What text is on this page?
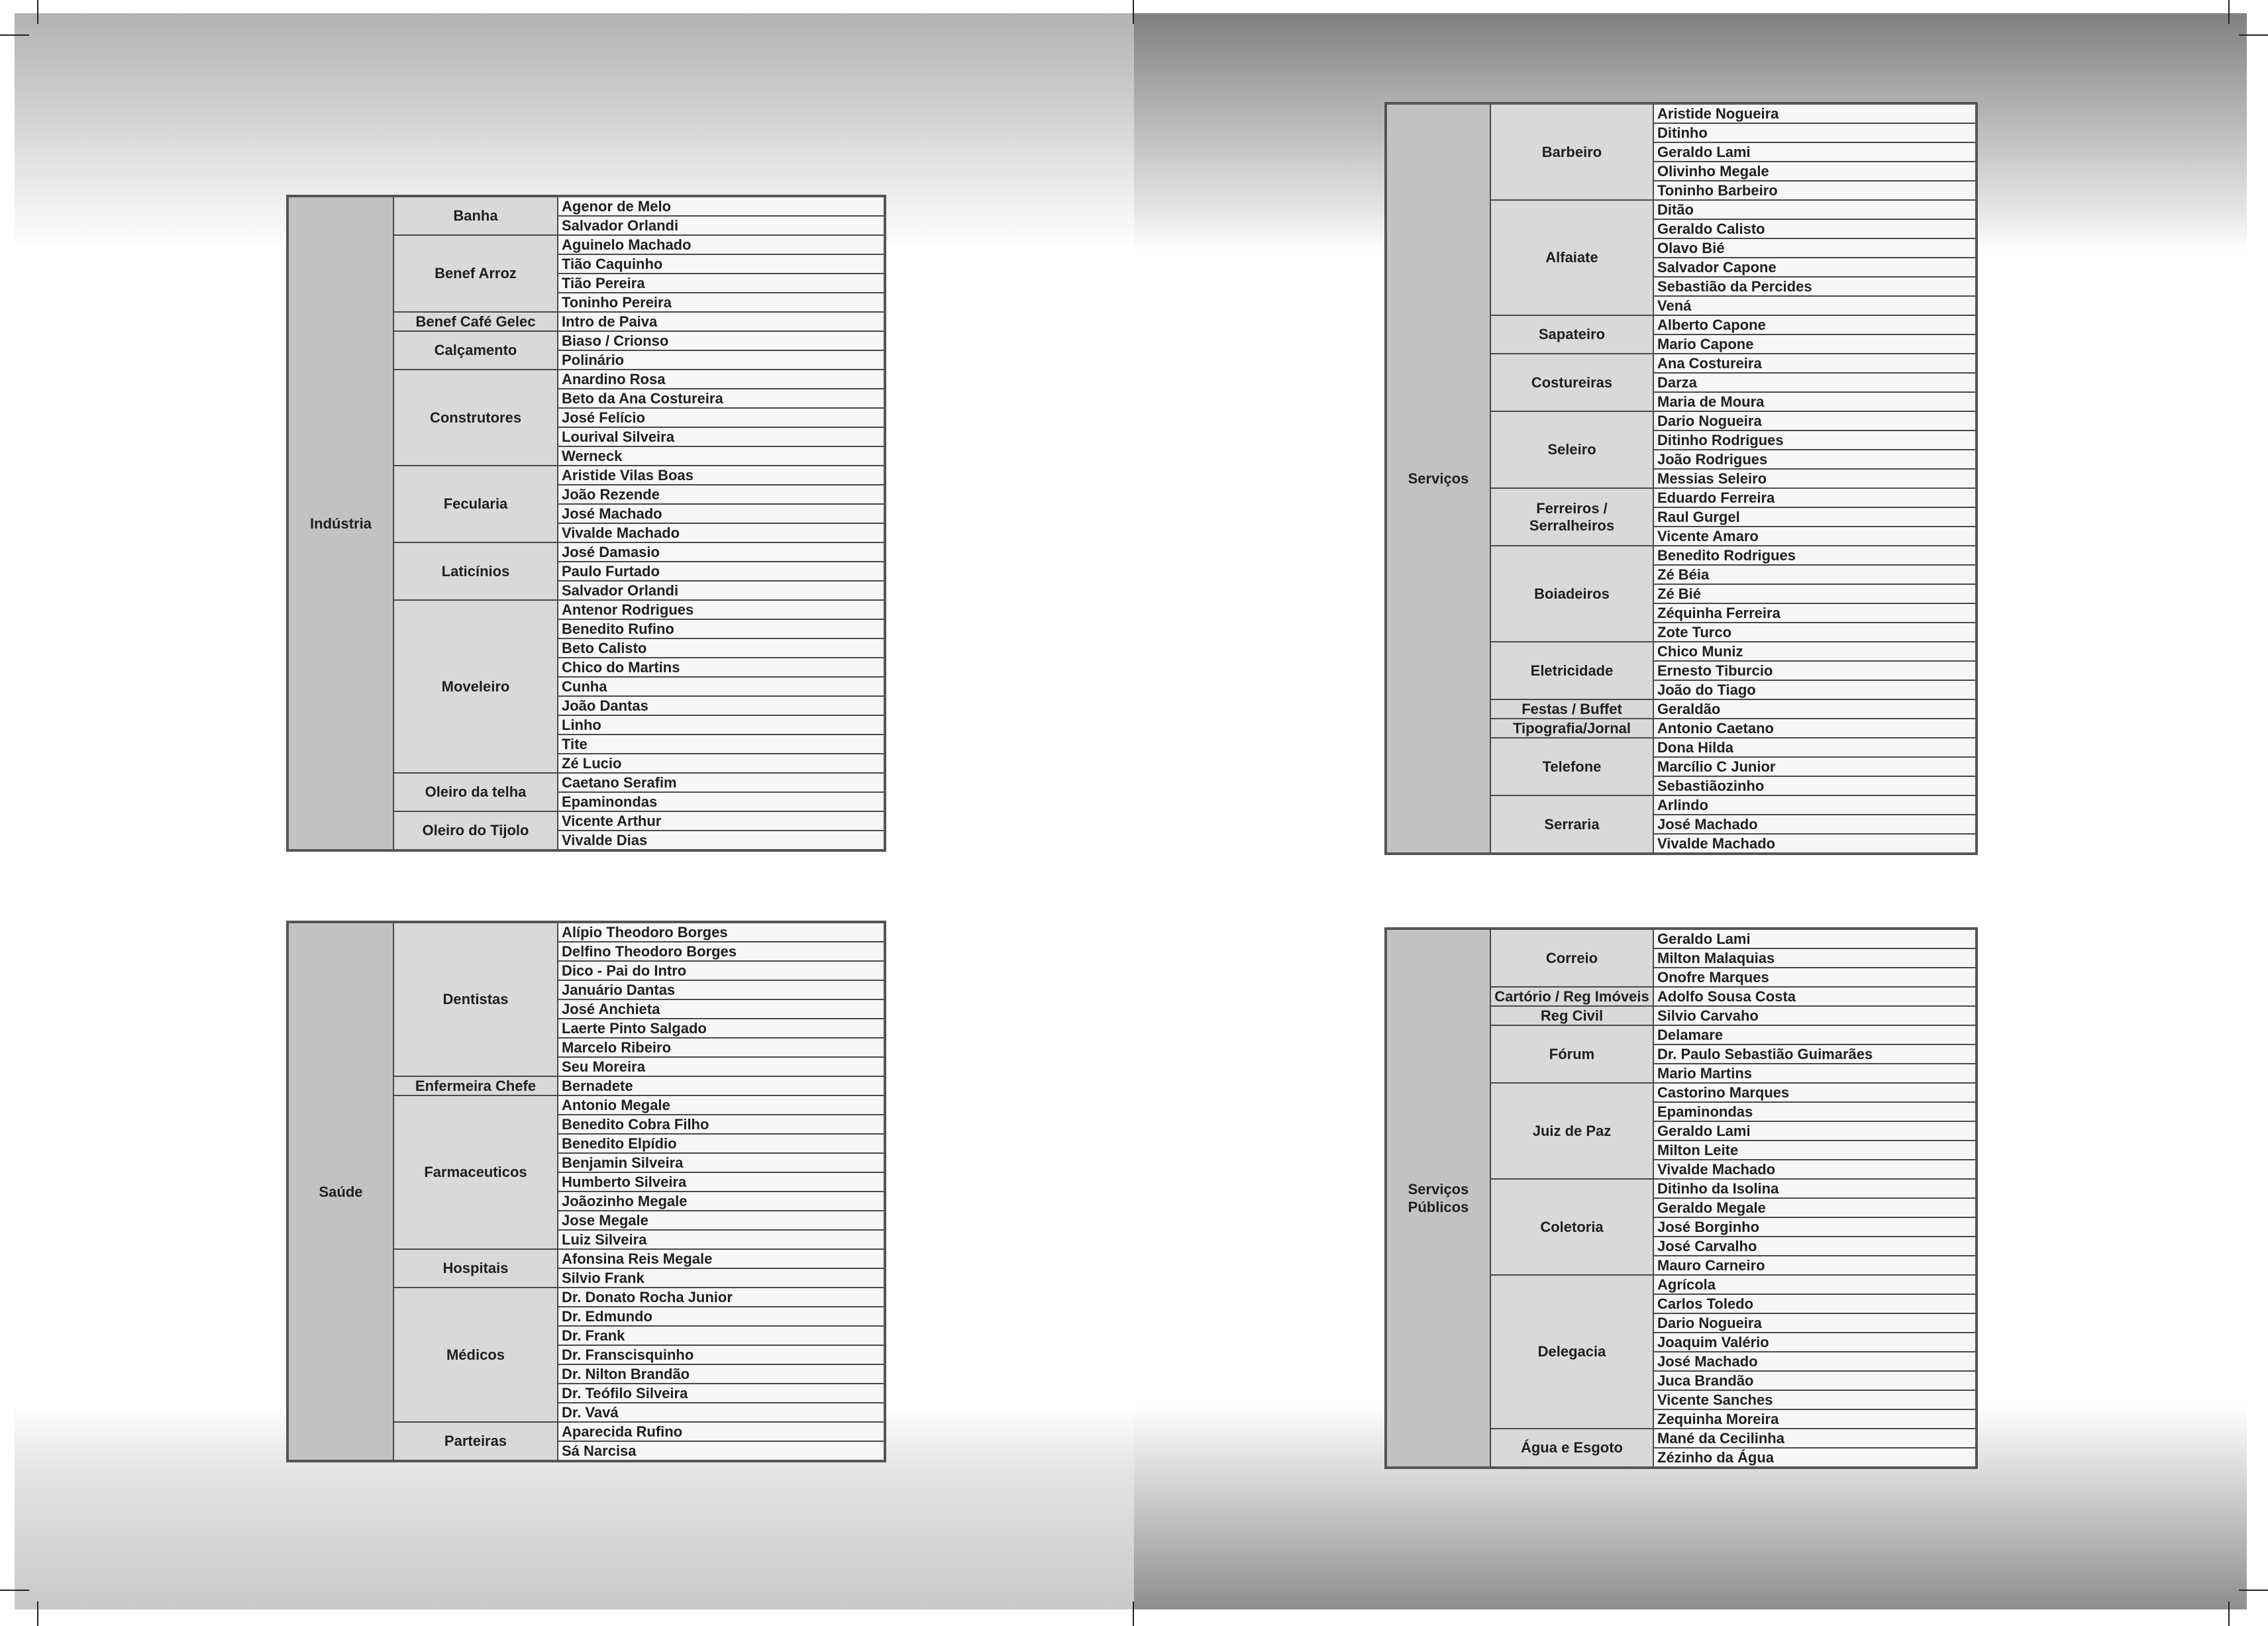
Indústria	Banha	Agenor de Melo
		Salvador Orlandi
	Benef Arroz	Aguinelo Machado
		Tião Caquinho
		Tião Pereira
		Toninho Pereira
	Benef Café Gelec	Intro de Paiva
	Calçamento	Biaso / Crionso
		Polinário
	Construtores	Anardino Rosa
		Beto da Ana Costureira
		José Felício
		Lourival Silveira
		Werneck
	Fecularia	Aristide Vilas Boas
		João Rezende
		José Machado
		Vivalde Machado
	Laticínios	José Damasio
		Paulo Furtado
		Salvador Orlandi
	Moveleiro	Antenor Rodrigues
		Benedito Rufino
		Beto Calisto
		Chico do Martins
		Cunha
		João Dantas
		Linho
		Tite
		Zé Lucio
	Oleiro da telha	Caetano Serafim
		Epaminondas
	Oleiro do Tijolo	Vicente Arthur
		Vivalde Dias
Saúde	Dentistas	Alípio Theodoro Borges
		Delfino Theodoro Borges
		Dico - Pai do Intro
		Januário Dantas
		José Anchieta
		Laerte Pinto Salgado
		Marcelo Ribeiro
		Seu Moreira
	Enfermeira Chefe	Bernadete
	Farmaceuticos	Antonio Megale
		Benedito Cobra Filho
		Benedito Elpídio
		Benjamin Silveira
		Humberto Silveira
		Joãozinho Megale
		Jose Megale
		Luiz Silveira
	Hospitais	Afonsina Reis Megale
		Silvio Frank
	Médicos	Dr. Donato Rocha Junior
		Dr. Edmundo
		Dr. Frank
		Dr. Franscisquinho
		Dr. Nilton Brandão
		Dr. Teófilo Silveira
		Dr. Vavá
	Parteiras	Aparecida Rufino
		Sá Narcisa
Serviços	Barbeiro	Aristide Nogueira
		Ditinho
		Geraldo Lami
		Olivinho Megale
		Toninho Barbeiro
	Alfaiate	Ditão
		Geraldo Calisto
		Olavo Bié
		Salvador Capone
		Sebastião da Percides
		Vená
	Sapateiro	Alberto Capone
		Mario Capone
	Costureiras	Ana Costureira
		Darza
		Maria de Moura
	Seleiro	Dario Nogueira
		Ditinho Rodrigues
		João Rodrigues
		Messias Seleiro
	Ferreiros / Serralheiros	Eduardo Ferreira
		Raul Gurgel
		Vicente Amaro
	Boiadeiros	Benedito Rodrigues
		Zé Béia
		Zé Bié
		Zéquinha Ferreira
		Zote Turco
	Eletricidade	Chico Muniz
		Ernesto Tiburcio
		João do Tiago
	Festas / Buffet	Geraldão
	Tipografia/Jornal	Antonio Caetano
	Telefone	Dona Hilda
		Marcílio C Junior
		Sebastiãozinho
	Serraria	Arlindo
		José Machado
		Vivalde Machado
Serviços Públicos	Correio	Geraldo Lami
		Milton Malaquias
		Onofre Marques
	Cartório / Reg Imóveis	Adolfo Sousa Costa
	Reg Civil	Silvio Carvaho
	Fórum	Delamare
		Dr. Paulo Sebastião Guimarães
		Mario Martins
	Juiz de Paz	Castorino Marques
		Epaminondas
		Geraldo Lami
		Milton Leite
		Vivalde Machado
	Coletoria	Ditinho da Isolina
		Geraldo Megale
		José Borginho
		José Carvalho
		Mauro Carneiro
	Delegacia	Agrícola
		Carlos Toledo
		Dario Nogueira
		Joaquim Valério
		José Machado
		Juca Brandão
		Vicente Sanches
		Zequinha Moreira
	Água e Esgoto	Mané da Cecilinha
		Zézinho da Água
